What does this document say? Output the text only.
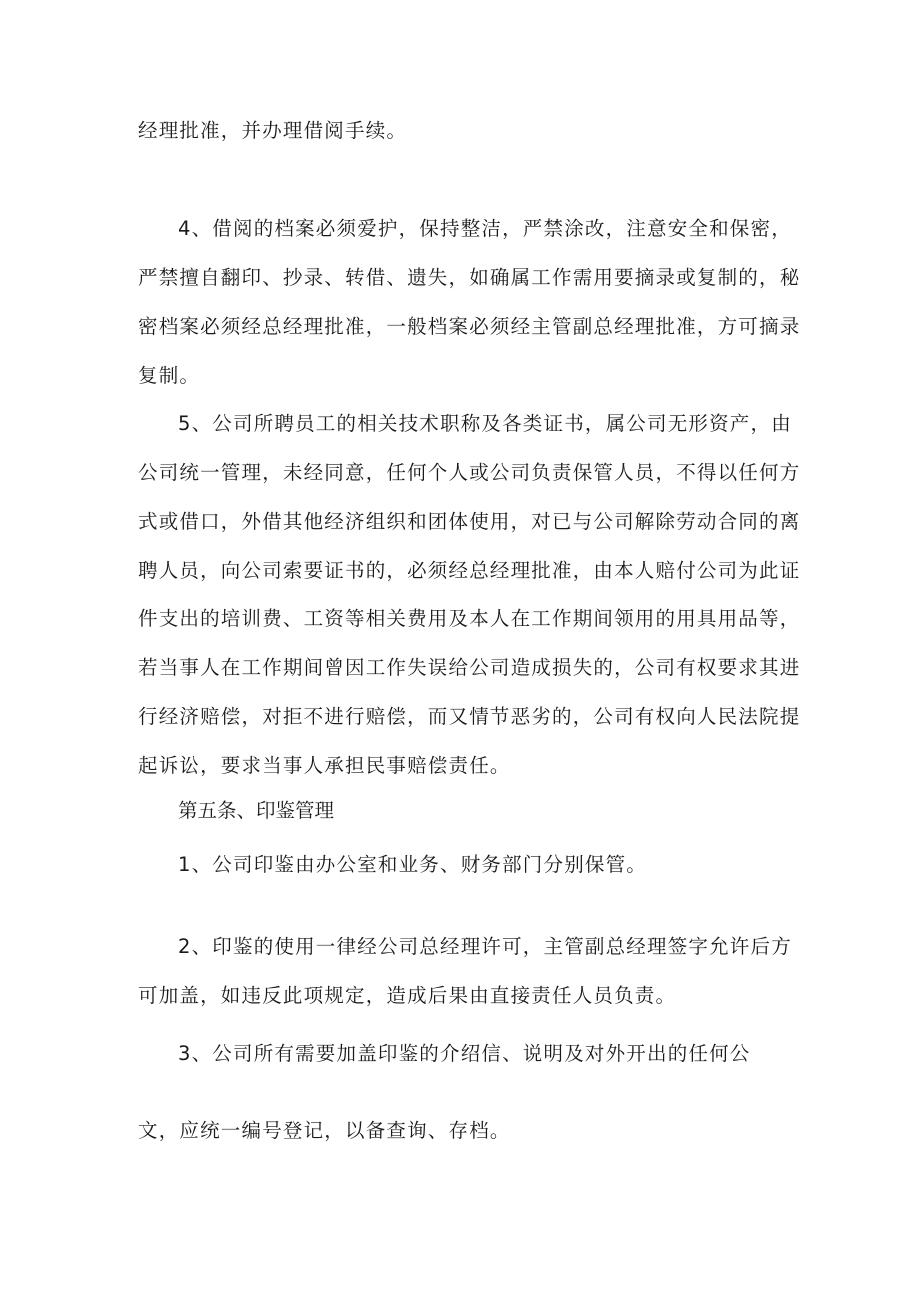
经理批准，并办理借阅手续。
4、借阅的档案必须爱护，保持整洁，严禁涂改，注意安全和保密，
严禁擅自翻印、抄录、转借、遗失，如确属工作需用要摘录或复制的，秘
密档案必须经总经理批准，一般档案必须经主管副总经理批准，方可摘录
复制。
5、公司所聘员工的相关技术职称及各类证书，属公司无形资产，由
公司统一管理，未经同意，任何个人或公司负责保管人员，不得以任何方
式或借口，外借其他经济组织和团体使用，对已与公司解除劳动合同的离
聘人员，向公司索要证书的，必须经总经理批准，由本人赔付公司为此证
件支出的培训费、工资等相关费用及本人在工作期间领用的用具用品等，
若当事人在工作期间曾因工作失误给公司造成损失的，公司有权要求其进
行经济赔偿，对拒不进行赔偿，而又情节恶劣的，公司有权向人民法院提
起诉讼，要求当事人承担民事赔偿责任。
第五条、印鉴管理
1、公司印鉴由办公室和业务、财务部门分别保管。
2、印鉴的使用一律经公司总经理许可，主管副总经理签字允许后方
可加盖，如违反此项规定，造成后果由直接责任人员负责。
3、公司所有需要加盖印鉴的介绍信、说明及对外开出的任何公
文，应统一编号登记，以备查询、存档。
